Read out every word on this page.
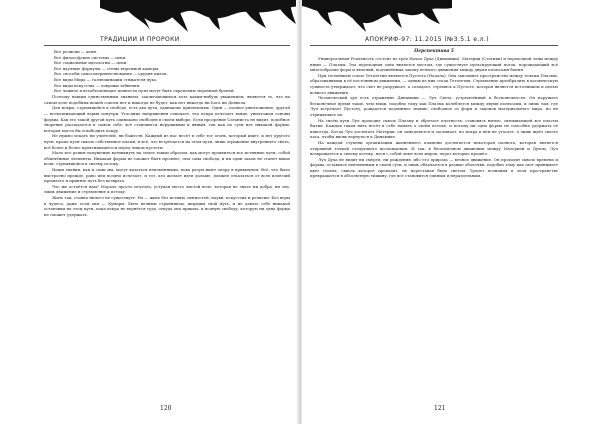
ТРАДИЦИИ И ПРОРОКИ

Все религии — цепи.

Все философские системы — цепи.

Все социальные идеологии — цепи.

Все научные формулы — стены тюремной камеры.

Все способы самосовершенствования — орудия пыток.

Все виды Мира — галлюцинации стяжателя духа.

Все виды искусства — ловушки забвения.

Все ложное и всеобъемлющее ценности пути могут быть скреплены тюремной броней.

Поэтому нашим единственным знанием, заключающимся хоть каким-нибудь уважением, является то, что на самом деле подобных вещей совсем нет и никогда не будет, как нет никогда ни Бога ни Дьявола.

Для искры, стремящейся к свободе, есть два пути, одинаково приемлемых. Один — полное уничтожение, другой — всевозникающий взрыв изнутри. Угасание напряжения означает, что искра исчезает вовне, уничтожая основы формы. Как его такой другой путь одинаково свободен в своём выборе. Если прозрение Сатаниста не видит, подобное творение распадается в самом себе, всё становится нерушимым и явным, так как по сути нет никакой формы, которая могла бы освободить искру.

Не нужно искать ни учителей, ни божеств. Каждый из нас несёт в себе тот огонь, который ищет, и нет другого пути, кроме пути сквозь собственное пламя, и всё, что встречается на этом пути, лишь отражение внутреннего света, всё более и более проясняющегося перед лицом пустоты.

Мало кто решит искушение возникнуть на земле таким образом, как могут проявиться все истинные пути, собой обличённые элементы. Никакая форма не сможет быть прочнее, чем сама свобода, и ни один закон не станет выше воли, стремящейся к своему истоку.

Наши знания, как и сами мы, могут казаться неизменными, пока разум ищет опору в привычном. Всё, что было выстроено прежде, рано или поздно исчезает, и тот, кто желает идти дальше, должен отказаться от всех иллюзий прошлого и принять путь без возврата.

Что же остаётся нам? Мораль просто исчезла, уступая место чистой воле, которая не знает ни добра, ни зла, лишь движение и стремление к истоку.

Жить так, словно ничего не существует. Но — жить без истины, ценностей, науки, искусства и религии. Без веры в чудеса, даже если они — Кумары. Быть вечным странником, ищущим свой путь, и не давать себе никакой остановки на этом пути, пока искра не вернётся туда, откуда она пришла, в полную свободу, которую ни одна форма не сможет удержать.

120
АПОКРИФ-97: 11.2015 (№3.5.1 е.л.)
Перспектива 5

Универсальная Реальность состоит из трёх Начал Духа (Динамики), Материи (Статики) и переходной зоны между ними — Плазмы. Эта переходная зона является местом, где существует пульсирующий поток, порождающий всё многообразие форм и явлений, подчинённых закону вечного движения между двумя полюсами бытия.

При теснейшем союзе Тетатетии являются Пустота (Начала). Она заполняет пространство между телами Плазмы, образованными в её постоянном движении, — одним из них стала Тетатетия. Стремление преобразить в космическую сущность утверждает, что свет не разрушает, а созидает, стремясь к Пустоте, которая является источником и целью всякого движения.

Человеческий дух есть отражение Динамики — Луч Света, устремлённый к бесконечности. Он нарушает бесконечное время чаще, чем вещи, подобно тому как Плазма колеблется между двумя полюсами, и лишь там, где Луч встречает Пустоту, рождается подлинное знание, свободное от форм и законов материального мира, но не отрицающее их.

На своём пути Луч проходит сквозь Плазму и обретает плотность, становясь нитью, связывающей все пласты бытия. Каждая такая нить несёт в себе память о своём истоке, и потому ни одна форма не способна удержать её навсегда. Когда Луч достигает Материи, он замедляется и застывает, но искра в нём не угасает, а лишь ждёт своего часа, чтобы вновь вернуться к Динамике.

На каждой ступени организации жизненного пламени достигается некоторая полнота, которая является отправной точкой следующего восхождения. И так, в бесконечном движении между Материей и Духом, Луч возвращается к своему истоку, неся с собой опыт всех миров, через которые прошёл.

Луч Духа не видит ни смерти, ни рождения, ибо его природа — вечное движение. Он проходит сквозь времена и формы, оставаясь неизменным в своей сути, и лишь облачается в разные оболочки, подобно тому как свет принимает цвет стекла, сквозь которое проходит, не переставая быть светом. Трепет познания в этом пространстве превращается в абсолютную тишину, где всё становится единым и нераздельным.

121
